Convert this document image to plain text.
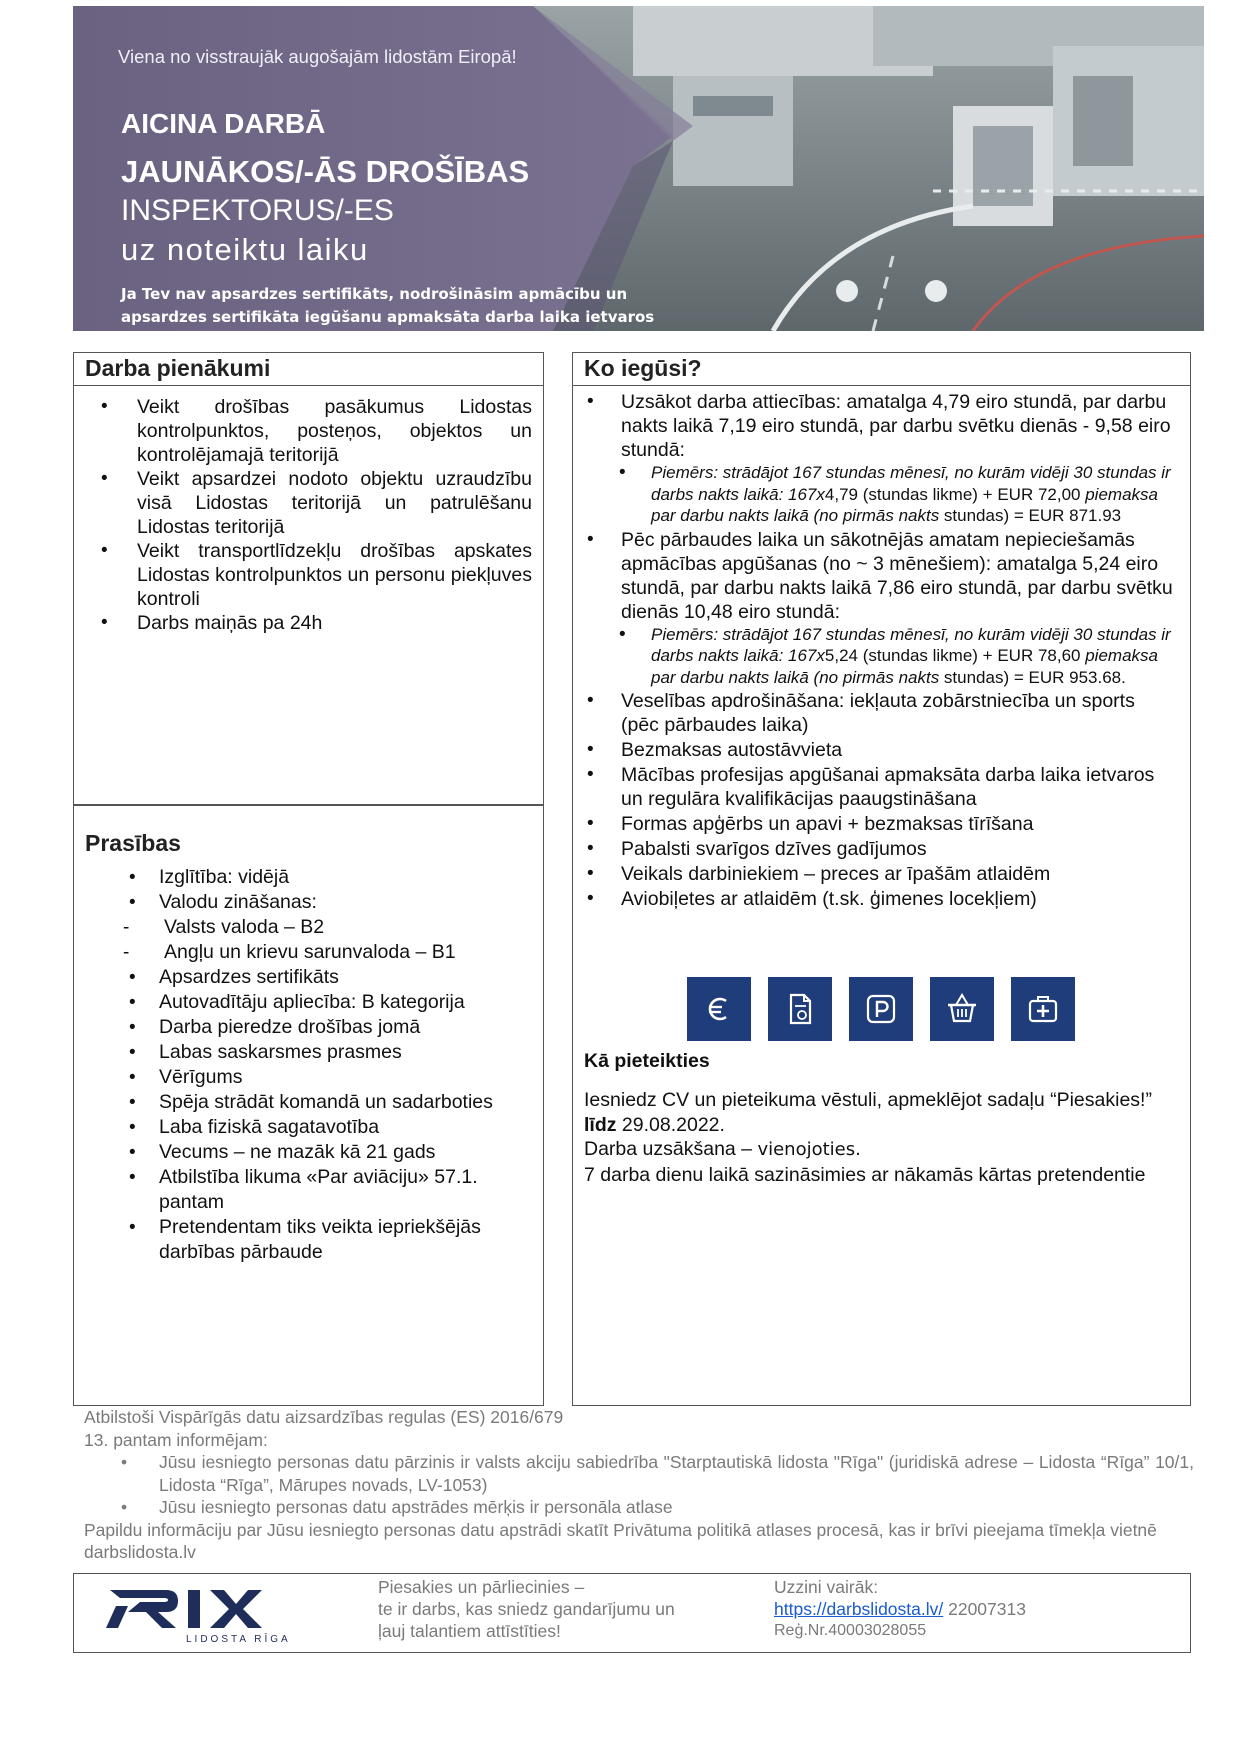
Viena no visstraujāk augošajām lidostām Eiropā!
AICINA DARBĀ
JAUNĀKOS/-ĀS DROŠĪBAS
INSPEKTORUS/-ES
uz noteiktu laiku
Ja Tev nav apsardzes sertifikāts, nodrošināsim apmācību un apsardzes sertifikāta iegūšanu apmaksāta darba laika ietvaros
Darba pienākumi
• Veikt drošības pasākumus Lidostas kontrolpunktos, posteņos, objektos un kontrolējamajā teritorijā
• Veikt apsardzei nodoto objektu uzraudzību visā Lidostas teritorijā un patrulēšanu Lidostas teritorijā
• Veikt transportlīdzekļu drošības apskates Lidostas kontrolpunktos un personu piekļuves kontroli
• Darbs maiņās pa 24h
Prasības
• Izglītība: vidējā
• Valodu zināšanas:
- Valsts valoda – B2
- Angļu un krievu sarunvaloda – B1
• Apsardzes sertifikāts
• Autovadītāju apliecība: B kategorija
• Darba pieredze drošības jomā
• Labas saskarsmes prasmes
• Vērīgums
• Spēja strādāt komandā un sadarboties
• Laba fiziskā sagatavotība
• Vecums – ne mazāk kā 21 gads
• Atbilstība likuma «Par aviāciju» 57.1. pantam
• Pretendentam tiks veikta iepriekšējās darbības pārbaude
Ko iegūsi?
• Uzsākot darba attiecības: amatalga 4,79 eiro stundā, par darbu nakts laikā 7,19 eiro stundā, par darbu svētku dienās - 9,58 eiro stundā:
• Piemērs: strādājot 167 stundas mēnesī, no kurām vidēji 30 stundas ir darbs nakts laikā: 167x4,79 (stundas likme) + EUR 72,00 piemaksa par darbu nakts laikā (no pirmās nakts stundas) = EUR 871.93
• Pēc pārbaudes laika un sākotnējās amatam nepieciešamās apmācības apgūšanas (no ~ 3 mēnešiem): amatalga 5,24 eiro stundā, par darbu nakts laikā 7,86 eiro stundā, par darbu svētku dienās 10,48 eiro stundā:
• Piemērs: strādājot 167 stundas mēnesī, no kurām vidēji 30 stundas ir darbs nakts laikā: 167x5,24 (stundas likme) + EUR 78,60 piemaksa par darbu nakts laikā (no pirmās nakts stundas) = EUR 953.68.
• Veselības apdrošināšana: iekļauta zobārstniecība un sports (pēc pārbaudes laika)
• Bezmaksas autostāvvieta
• Mācības profesijas apgūšanai apmaksāta darba laika ietvaros un regulāra kvalifikācijas paaugstināšana
• Formas apģērbs un apavi + bezmaksas tīrīšana
• Pabalsti svarīgos dzīves gadījumos
• Veikals darbiniekiem – preces ar īpašām atlaidēm
• Aviobiļetes ar atlaidēm (t.sk. ģimenes locekļiem)
Kā pieteikties
Iesniedz CV un pieteikuma vēstuli, apmeklējot sadaļu “Piesakies!” līdz 29.08.2022.
Darba uzsākšana – vienojoties.
7 darba dienu laikā sazināsimies ar nākamās kārtas pretendentie
Atbilstoši Vispārīgās datu aizsardzības regulas (ES) 2016/679
13. pantam informējam:
• Jūsu iesniegto personas datu pārzinis ir valsts akciju sabiedrība "Starptautiskā lidosta "Rīga" (juridiskā adrese – Lidosta “Rīga” 10/1, Lidosta “Rīga”, Mārupes novads, LV-1053)
• Jūsu iesniegto personas datu apstrādes mērķis ir personāla atlase
Papildu informāciju par Jūsu iesniegto personas datu apstrādi skatīt Privātuma politikā atlases procesā, kas ir brīvi pieejama tīmekļa vietnē darbslidosta.lv
LIDOSTA RĪGA
Piesakies un pārliecinies –
te ir darbs, kas sniedz gandarījumu un
ļauj talantiem attīstīties!
Uzzini vairāk:
https://darbslidosta.lv/ 22007313
Reģ.Nr.40003028055
